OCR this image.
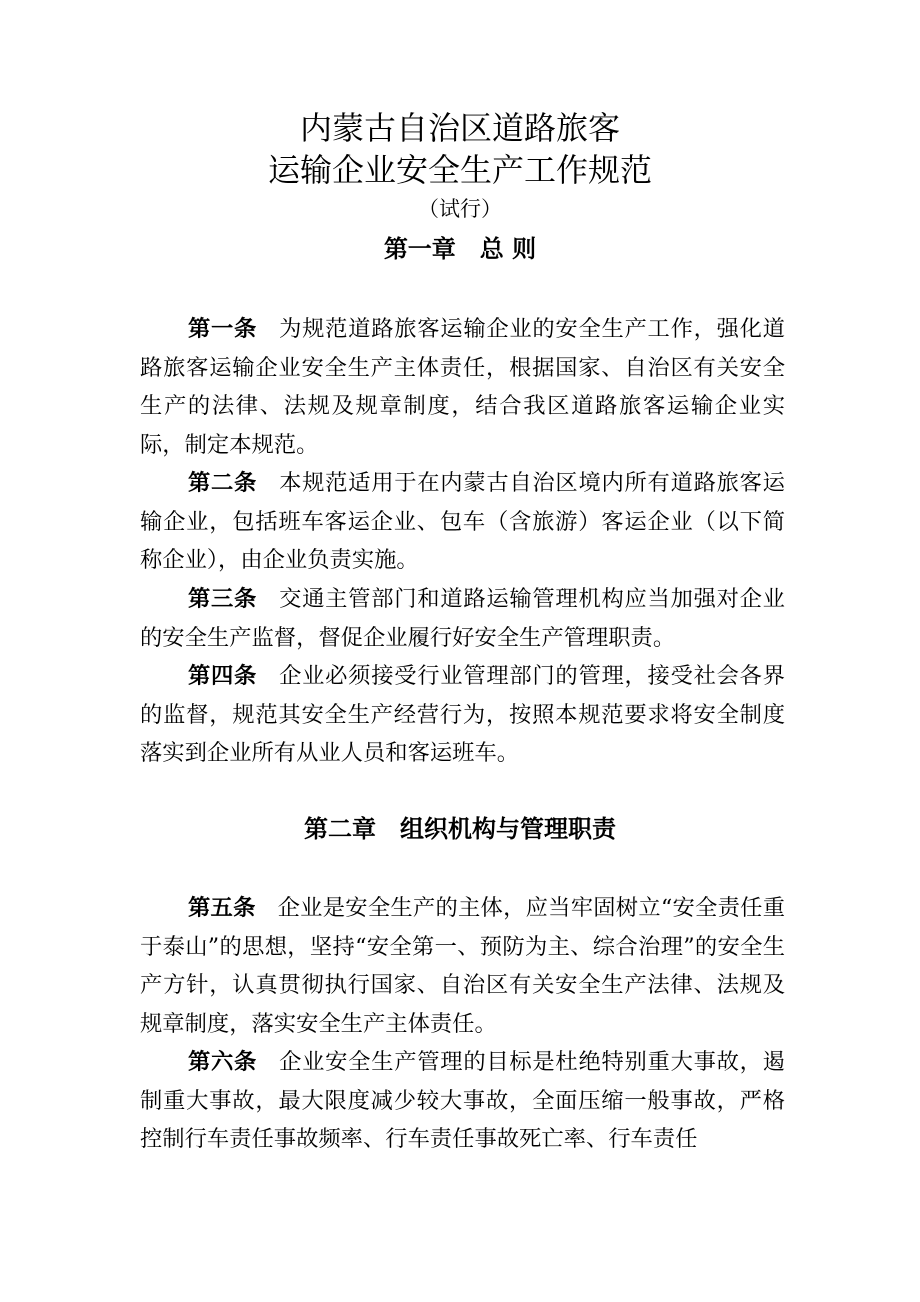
内蒙古自治区道路旅客
运输企业安全生产工作规范
（试行）
第一章　总 则
第一条 为规范道路旅客运输企业的安全生产工作，强化道路旅客运输企业安全生产主体责任，根据国家、自治区有关安全生产的法律、法规及规章制度，结合我区道路旅客运输企业实际，制定本规范。
第二条 本规范适用于在内蒙古自治区境内所有道路旅客运输企业，包括班车客运企业、包车（含旅游）客运企业（以下简称企业），由企业负责实施。
第三条 交通主管部门和道路运输管理机构应当加强对企业的安全生产监督，督促企业履行好安全生产管理职责。
第四条 企业必须接受行业管理部门的管理，接受社会各界的监督，规范其安全生产经营行为，按照本规范要求将安全制度落实到企业所有从业人员和客运班车。
第二章　组织机构与管理职责
第五条 企业是安全生产的主体，应当牢固树立“安全责任重于泰山”的思想，坚持“安全第一、预防为主、综合治理”的安全生产方针，认真贯彻执行国家、自治区有关安全生产法律、法规及规章制度，落实安全生产主体责任。
第六条 企业安全生产管理的目标是杜绝特别重大事故，遏制重大事故，最大限度减少较大事故，全面压缩一般事故，严格控制行车责任事故频率、行车责任事故死亡率、行车责任
